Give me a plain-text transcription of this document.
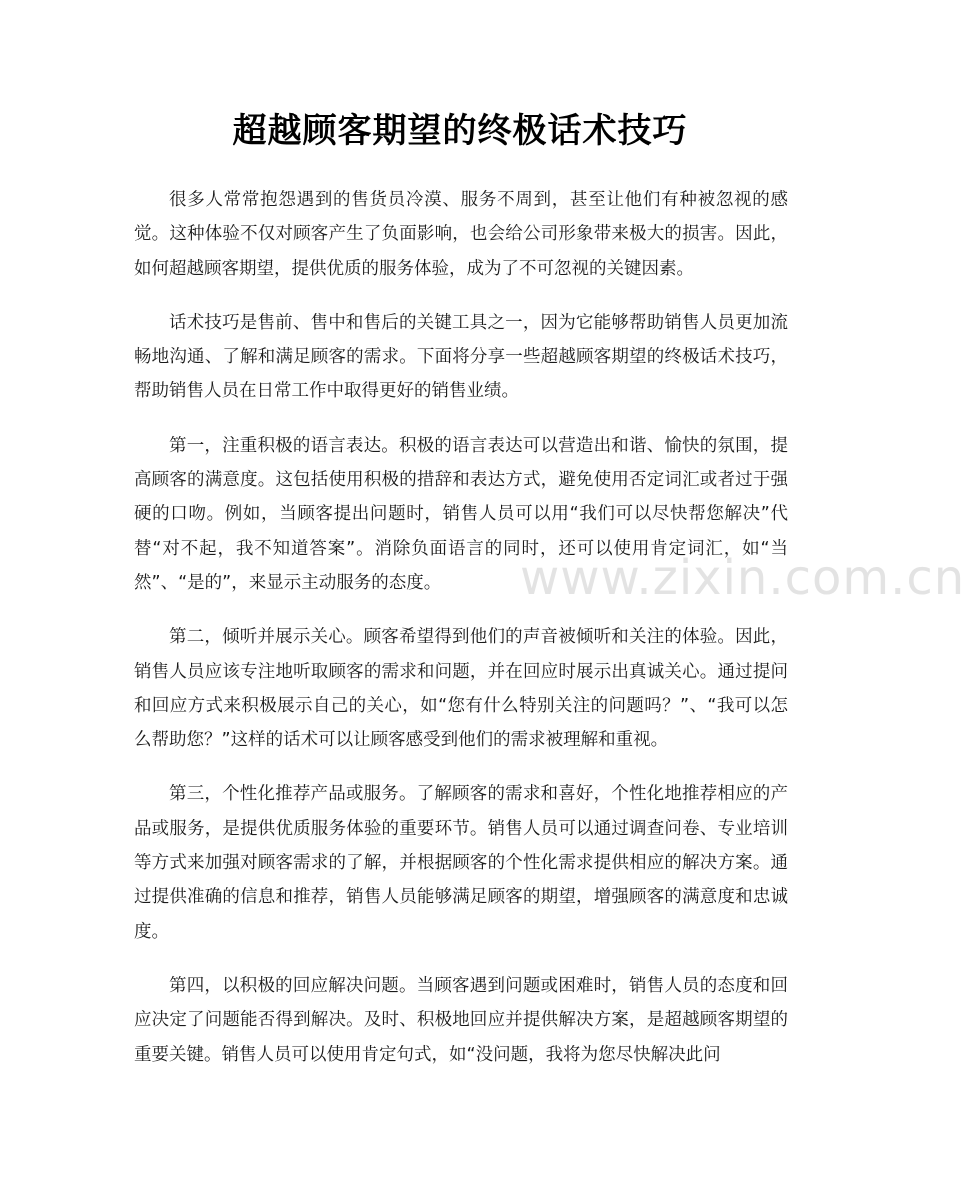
www.zixin.com.cn
超越顾客期望的终极话术技巧

很多人常常抱怨遇到的售货员冷漠、服务不周到，甚至让他们有种被忽视的感觉。这种体验不仅对顾客产生了负面影响，也会给公司形象带来极大的损害。因此，如何超越顾客期望，提供优质的服务体验，成为了不可忽视的关键因素。

话术技巧是售前、售中和售后的关键工具之一，因为它能够帮助销售人员更加流畅地沟通、了解和满足顾客的需求。下面将分享一些超越顾客期望的终极话术技巧，帮助销售人员在日常工作中取得更好的销售业绩。

第一，注重积极的语言表达。积极的语言表达可以营造出和谐、愉快的氛围，提高顾客的满意度。这包括使用积极的措辞和表达方式，避免使用否定词汇或者过于强硬的口吻。例如，当顾客提出问题时，销售人员可以用“我们可以尽快帮您解决”代替“对不起，我不知道答案”。消除负面语言的同时，还可以使用肯定词汇，如“当然”、“是的”，来显示主动服务的态度。

第二，倾听并展示关心。顾客希望得到他们的声音被倾听和关注的体验。因此，销售人员应该专注地听取顾客的需求和问题，并在回应时展示出真诚关心。通过提问和回应方式来积极展示自己的关心，如“您有什么特别关注的问题吗？”、“我可以怎么帮助您？”这样的话术可以让顾客感受到他们的需求被理解和重视。

第三，个性化推荐产品或服务。了解顾客的需求和喜好，个性化地推荐相应的产品或服务，是提供优质服务体验的重要环节。销售人员可以通过调查问卷、专业培训等方式来加强对顾客需求的了解，并根据顾客的个性化需求提供相应的解决方案。通过提供准确的信息和推荐，销售人员能够满足顾客的期望，增强顾客的满意度和忠诚度。

第四，以积极的回应解决问题。当顾客遇到问题或困难时，销售人员的态度和回应决定了问题能否得到解决。及时、积极地回应并提供解决方案，是超越顾客期望的重要关键。销售人员可以使用肯定句式，如“没问题，我将为您尽快解决此问
